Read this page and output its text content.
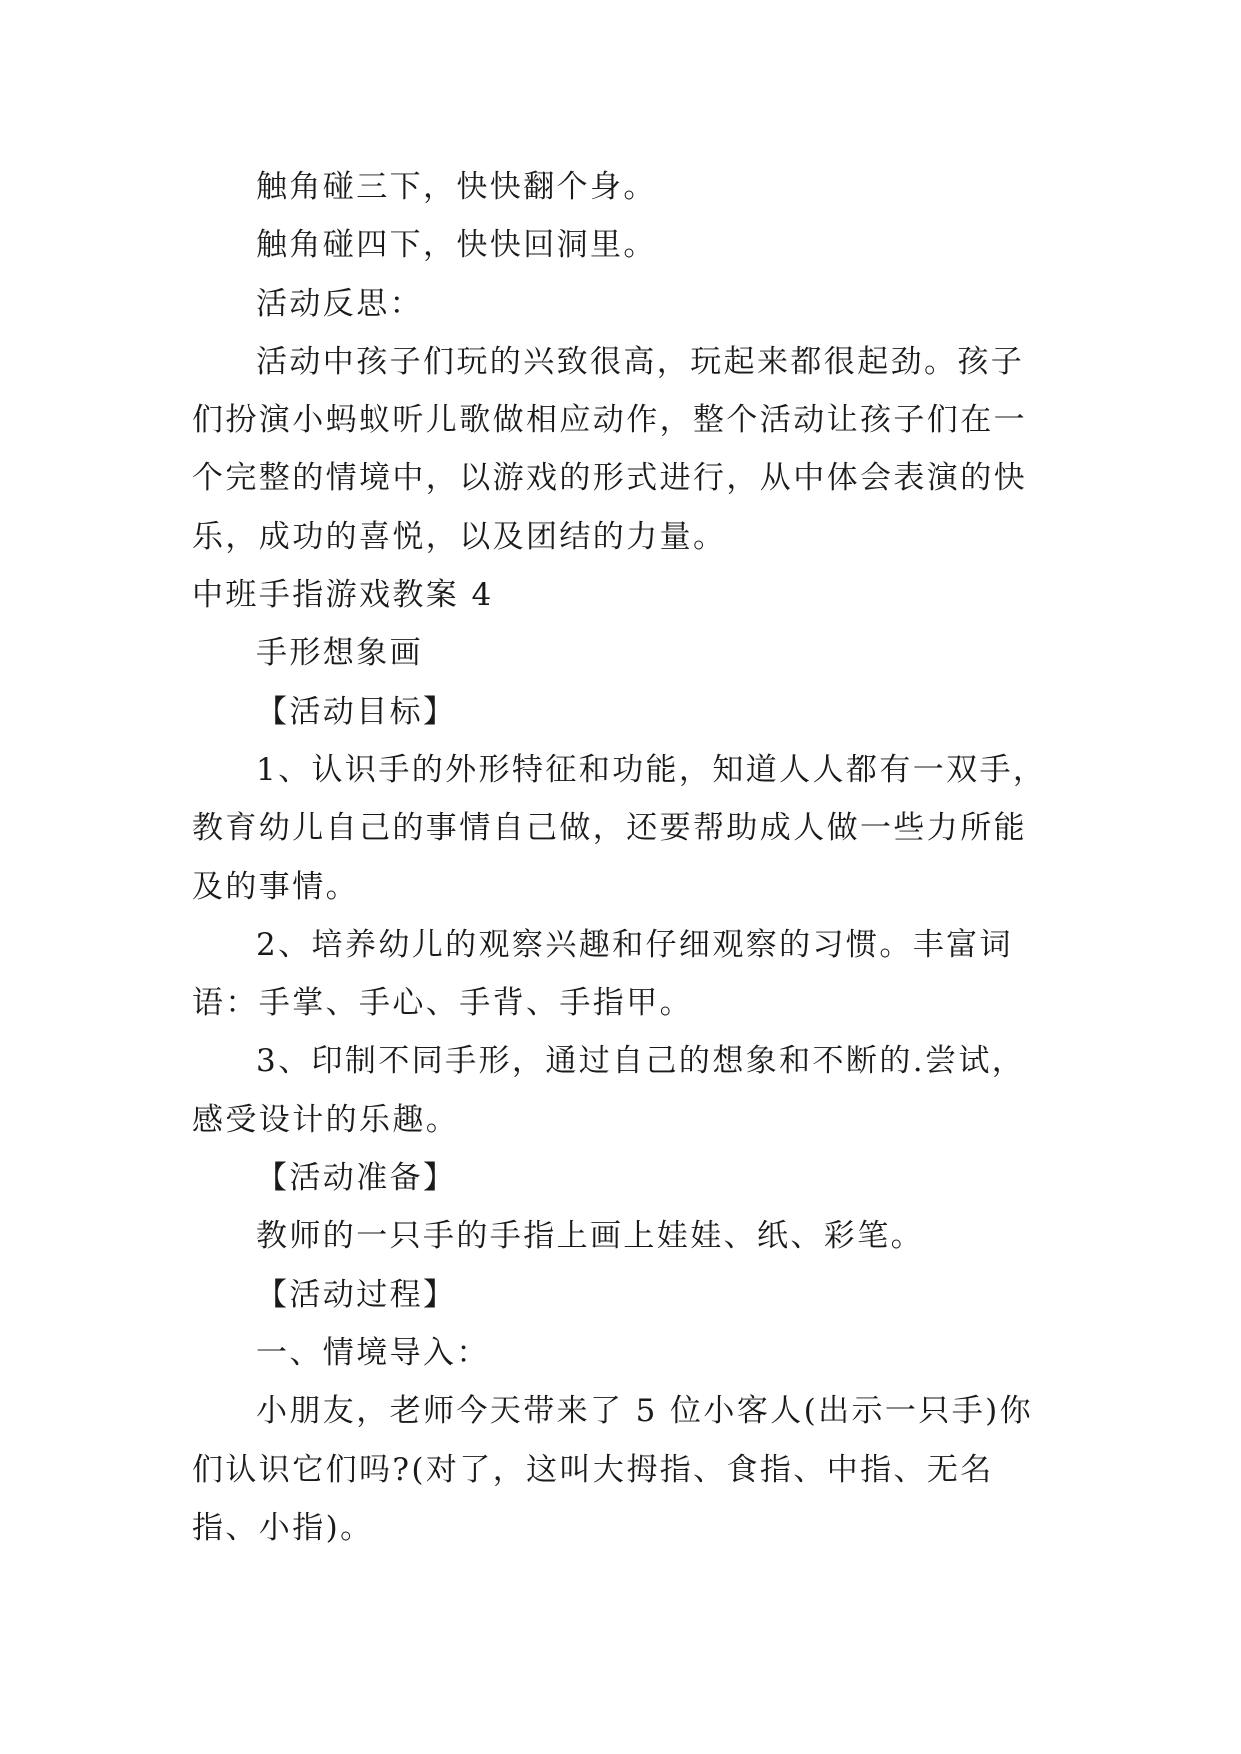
触角碰三下，快快翻个身。

触角碰四下，快快回洞里。

活动反思：

活动中孩子们玩的兴致很高，玩起来都很起劲。孩子们扮演小蚂蚁听儿歌做相应动作，整个活动让孩子们在一个完整的情境中，以游戏的形式进行，从中体会表演的快乐，成功的喜悦，以及团结的力量。

中班手指游戏教案 4

手形想象画

【活动目标】

1、认识手的外形特征和功能，知道人人都有一双手，教育幼儿自己的事情自己做，还要帮助成人做一些力所能及的事情。

2、培养幼儿的观察兴趣和仔细观察的习惯。丰富词语：手掌、手心、手背、手指甲。

3、印制不同手形，通过自己的想象和不断的.尝试，感受设计的乐趣。

【活动准备】

教师的一只手的手指上画上娃娃、纸、彩笔。

【活动过程】

一、情境导入：

小朋友，老师今天带来了 5 位小客人(出示一只手)你们认识它们吗?(对了，这叫大拇指、食指、中指、无名指、小指)。
